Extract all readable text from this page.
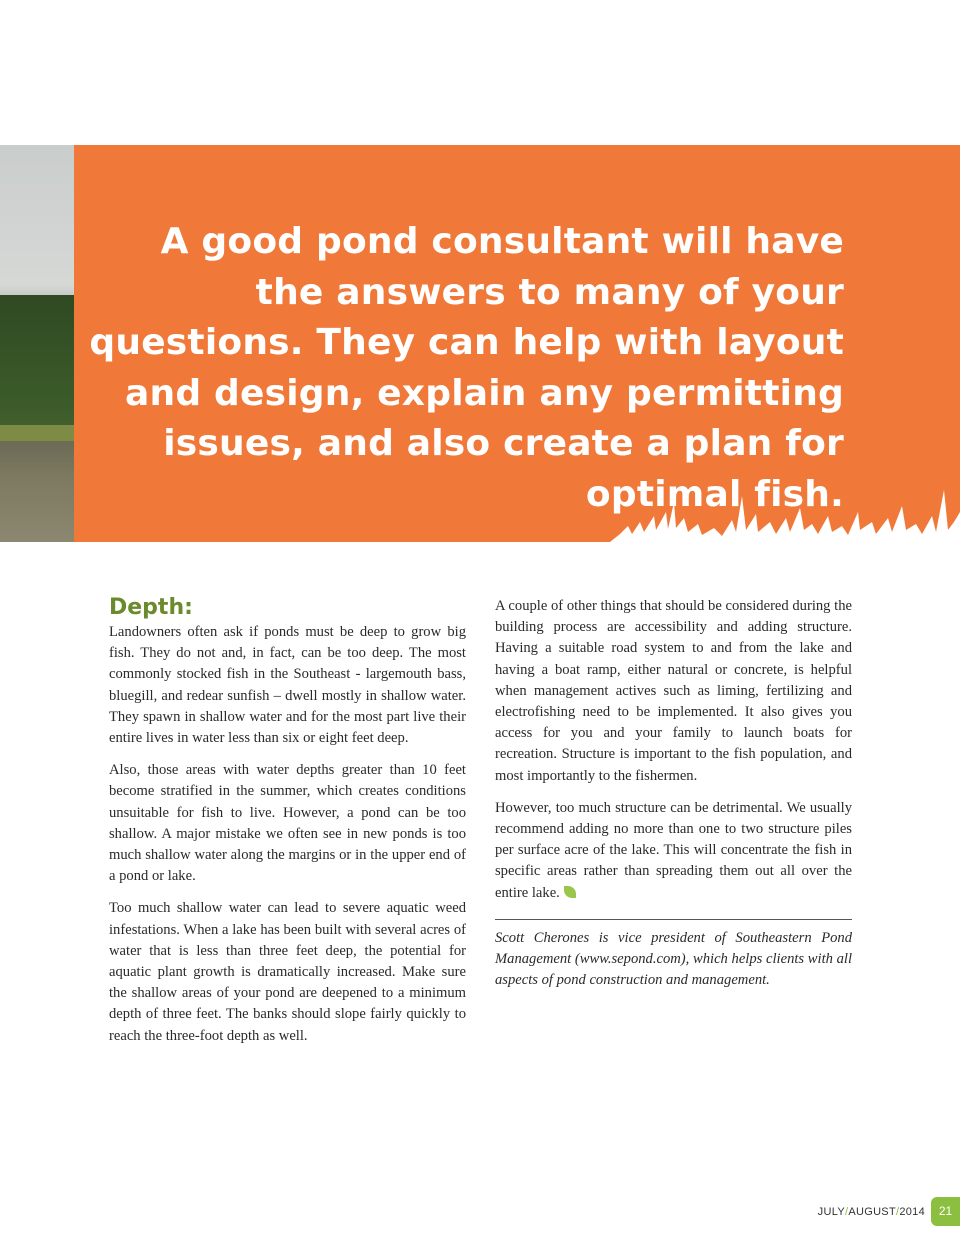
A good pond consultant will have the answers to many of your questions. They can help with layout and design, explain any permitting issues, and also create a plan for optimal fish.

Depth:

Landowners often ask if ponds must be deep to grow big fish. They do not and, in fact, can be too deep. The most commonly stocked fish in the Southeast - largemouth bass, bluegill, and redear sunfish – dwell mostly in shallow water. They spawn in shallow water and for the most part live their entire lives in water less than six or eight feet deep.

Also, those areas with water depths greater than 10 feet become stratified in the summer, which creates conditions unsuitable for fish to live. However, a pond can be too shallow. A major mistake we often see in new ponds is too much shallow water along the margins or in the upper end of a pond or lake.

Too much shallow water can lead to severe aquatic weed infestations. When a lake has been built with several acres of water that is less than three feet deep, the potential for aquatic plant growth is dramatically increased. Make sure the shallow areas of your pond are deepened to a minimum depth of three feet. The banks should slope fairly quickly to reach the three-foot depth as well.

A couple of other things that should be considered during the building process are accessibility and adding structure. Having a suitable road system to and from the lake and having a boat ramp, either natural or concrete, is helpful when management actives such as liming, fertilizing and electrofishing need to be implemented. It also gives you access for you and your family to launch boats for recreation. Structure is important to the fish population, and most importantly to the fishermen.

However, too much structure can be detrimental. We usually recommend adding no more than one to two structure piles per surface acre of the lake. This will concentrate the fish in specific areas rather than spreading them out all over the entire lake.

Scott Cherones is vice president of Southeastern Pond Management (www.sepond.com), which helps clients with all aspects of pond construction and management.

JULY/AUGUST/2014	21
